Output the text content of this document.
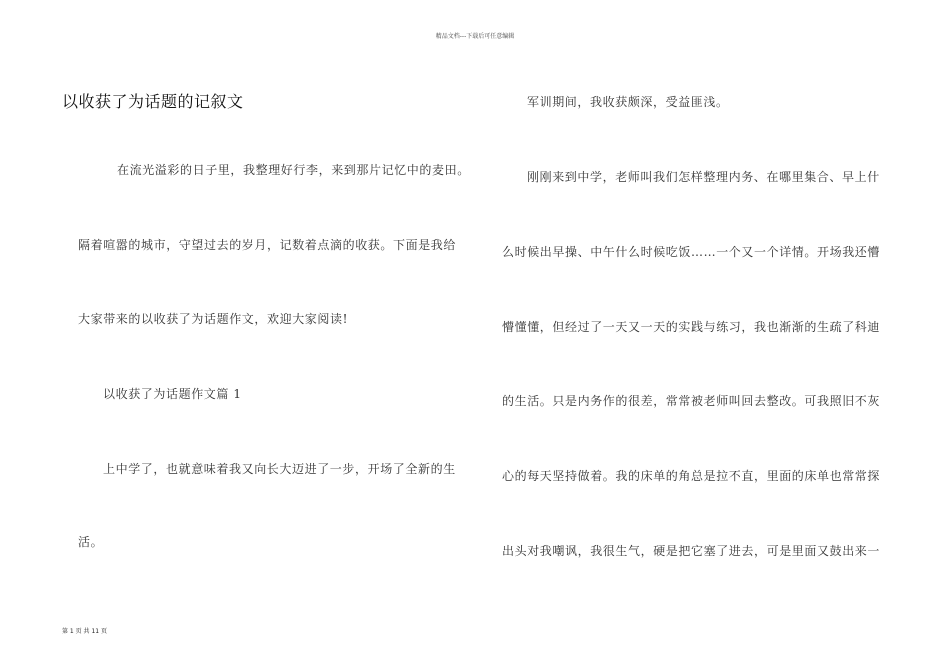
精品文档---下载后可任意编辑
以收获了为话题的记叙文
在流光溢彩的日子里，我整理好行李，来到那片记忆中的麦田。
隔着喧嚣的城市，守望过去的岁月，记数着点滴的收获。下面是我给
大家带来的以收获了为话题作文，欢迎大家阅读!
以收获了为话题作文篇 1
上中学了，也就意味着我又向长大迈进了一步，开场了全新的生
活。
军训期间，我收获颇深，受益匪浅。
刚刚来到中学，老师叫我们怎样整理内务、在哪里集合、早上什
么时候出早操、中午什么时候吃饭……一个又一个详情。开场我还懵
懵懂懂，但经过了一天又一天的实践与练习，我也渐渐的生疏了科迪
的生活。只是内务作的很差，常常被老师叫回去整改。可我照旧不灰
心的每天坚持做着。我的床单的角总是拉不直，里面的床单也常常探
出头对我嘲讽，我很生气，硬是把它塞了进去，可是里面又鼓出来一
第 1 页 共 11 页
